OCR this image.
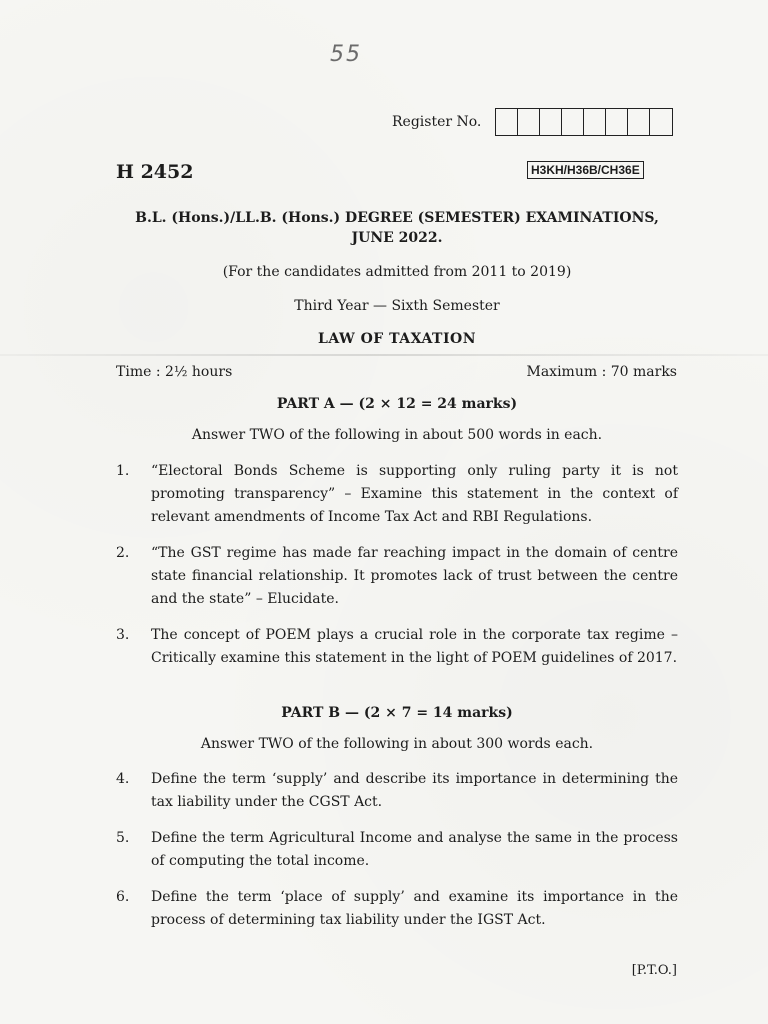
55
Register No.
H 2452	H3KH/H36B/CH36E
B.L. (Hons.)/LL.B. (Hons.) DEGREE (SEMESTER) EXAMINATIONS,
JUNE 2022.
(For the candidates admitted from 2011 to 2019)
Third Year — Sixth Semester
LAW OF TAXATION
Time : 2½ hours	Maximum : 70 marks
PART A — (2 × 12 = 24 marks)
Answer TWO of the following in about 500 words in each.
1.	“Electoral Bonds Scheme is supporting only ruling party it is not promoting transparency” – Examine this statement in the context of relevant amendments of Income Tax Act and RBI Regulations.
2.	“The GST regime has made far reaching impact in the domain of centre state financial relationship. It promotes lack of trust between the centre and the state” – Elucidate.
3.	The concept of POEM plays a crucial role in the corporate tax regime – Critically examine this statement in the light of POEM guidelines of 2017.
PART B — (2 × 7 = 14 marks)
Answer TWO of the following in about 300 words each.
4.	Define the term ‘supply’ and describe its importance in determining the tax liability under the CGST Act.
5.	Define the term Agricultural Income and analyse the same in the process of computing the total income.
6.	Define the term ‘place of supply’ and examine its importance in the process of determining tax liability under the IGST Act.
[P.T.O.]
